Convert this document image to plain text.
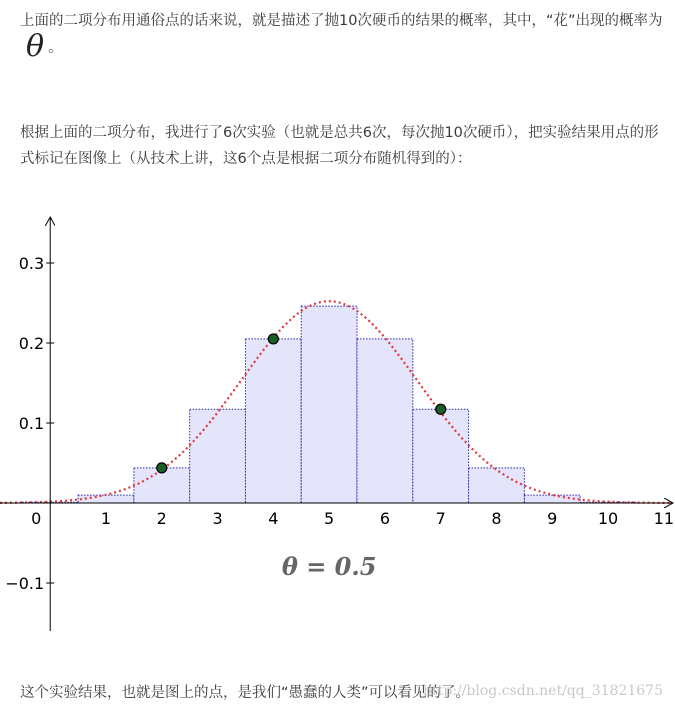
上面的二项分布用通俗点的话来说，就是描述了抛10次硬币的结果的概率，其中，“花”出现的概率为θ 。
根据上面的二项分布，我进行了6次实验（也就是总共6次，每次抛10次硬币），把实验结果用点的形式标记在图像上（从技术上讲，这6个点是根据二项分布随机得到的）：
0	1	2	3	4	5	6	7	8	9	10 11
0.3
0.2
0.1
−0.1
θ = 0.5
这个实验结果，也就是图上的点，是我们“愚蠢的人类”可以看见的了。
http://blog.csdn.net/qq_31821675
